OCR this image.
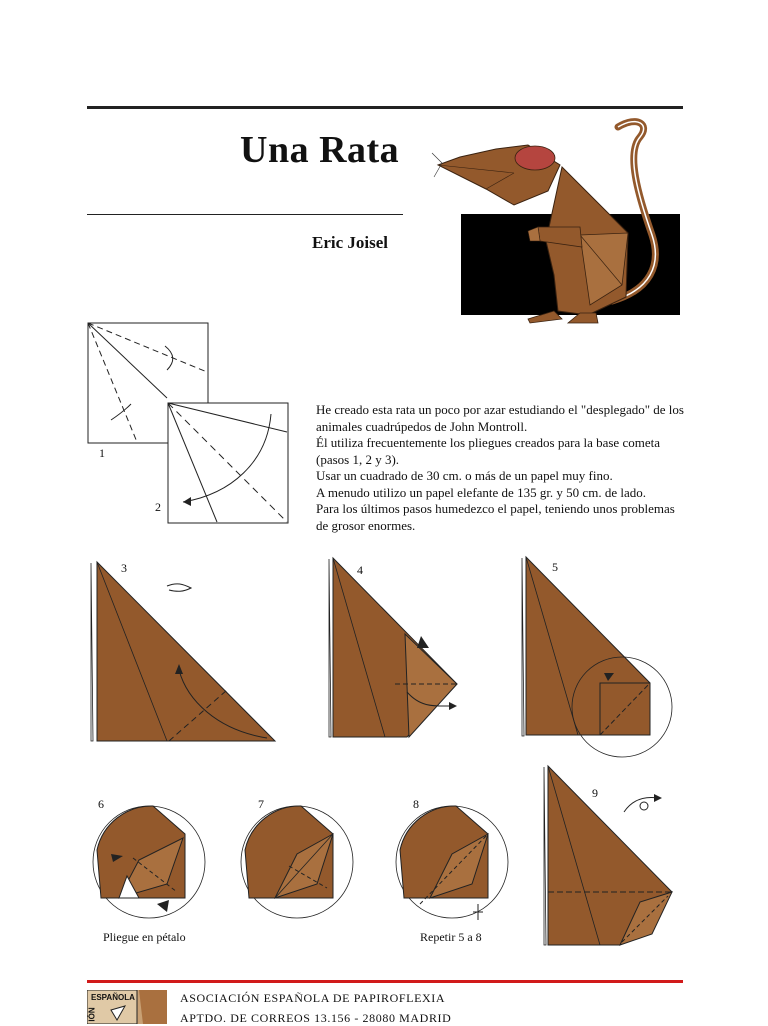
Una Rata
Eric Joisel
1
2

He creado esta rata un poco por azar estudiando el "desplegado" de los animales cuadrúpedos de John Montroll.

Él utiliza frecuentemente los pliegues creados para la base cometa (pasos 1, 2 y 3).

Usar un cuadrado de 30 cm. o más de un papel muy fino.

A menudo utilizo un papel elefante de 135 gr. y 50 cm. de lado.

Para los últimos pasos humedezco el papel, teniendo unos problemas de grosor enormes.

3	4	5
6
Pliegue en pétalo
7	8
Repetir 5 a 8
9
ESPAÑOLA
IÓN
ASOCIACIÓN ESPAÑOLA DE PAPIROFLEXIA
APTDO. DE CORREOS 13.156 - 28080 MADRID
